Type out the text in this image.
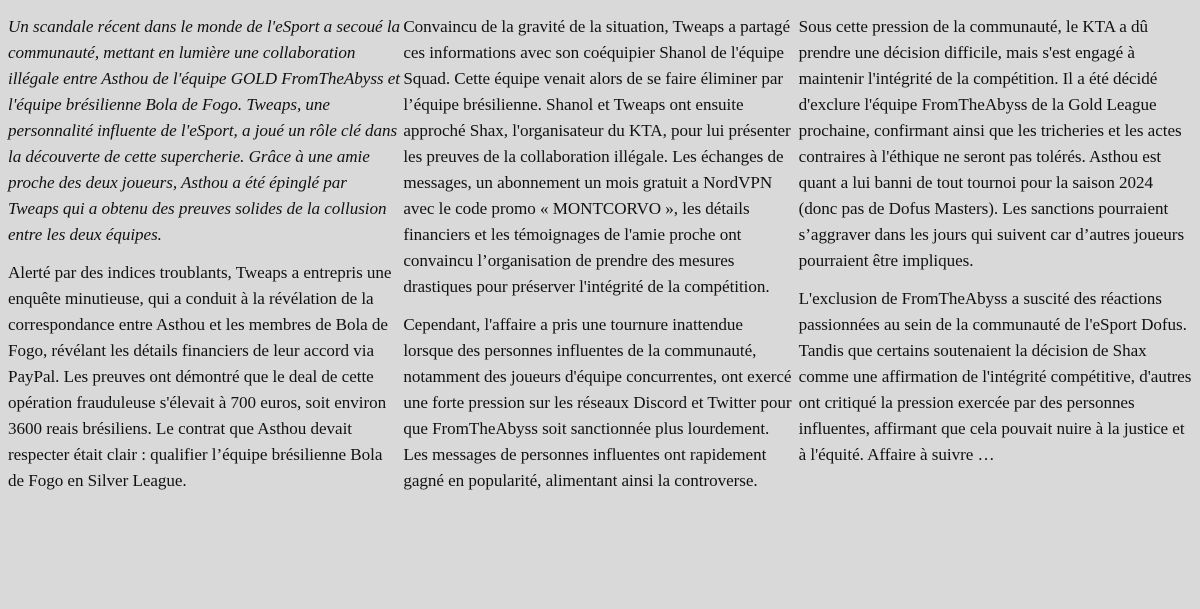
Un scandale récent dans le monde de l'eSport a secoué la communauté, mettant en lumière une collaboration illégale entre Asthou de l'équipe GOLD FromTheAbyss et l'équipe brésilienne Bola de Fogo. Tweaps, une personnalité influente de l'eSport, a joué un rôle clé dans la découverte de cette supercherie. Grâce à une amie proche des deux joueurs, Asthou a été épinglé par Tweaps qui a obtenu des preuves solides de la collusion entre les deux équipes.

Alerté par des indices troublants, Tweaps a entrepris une enquête minutieuse, qui a conduit à la révélation de la correspondance entre Asthou et les membres de Bola de Fogo, révélant les détails financiers de leur accord via PayPal. Les preuves ont démontré que le deal de cette opération frauduleuse s'élevait à 700 euros, soit environ 3600 reais brésiliens. Le contrat que Asthou devait respecter était clair : qualifier l’équipe brésilienne Bola de Fogo en Silver League.

Convaincu de la gravité de la situation, Tweaps a partagé ces informations avec son coéquipier Shanol de l'équipe Squad. Cette équipe venait alors de se faire éliminer par l’équipe brésilienne. Shanol et Tweaps ont ensuite approché Shax, l'organisateur du KTA, pour lui présenter les preuves de la collaboration illégale. Les échanges de messages, un abonnement un mois gratuit a NordVPN avec le code promo « MONTCORVO », les détails financiers et les témoignages de l'amie proche ont convaincu l’organisation de prendre des mesures drastiques pour préserver l'intégrité de la compétition.

Cependant, l'affaire a pris une tournure inattendue lorsque des personnes influentes de la communauté, notamment des joueurs d'équipe concurrentes, ont exercé une forte pression sur les réseaux Discord et Twitter pour que FromTheAbyss soit sanctionnée plus lourdement. Les messages de personnes influentes ont rapidement gagné en popularité, alimentant ainsi la controverse.

Sous cette pression de la communauté, le KTA a dû prendre une décision difficile, mais s'est engagé à maintenir l'intégrité de la compétition. Il a été décidé d'exclure l'équipe FromTheAbyss de la Gold League prochaine, confirmant ainsi que les tricheries et les actes contraires à l'éthique ne seront pas tolérés. Asthou est quant a lui banni de tout tournoi pour la saison 2024 (donc pas de Dofus Masters). Les sanctions pourraient s’aggraver dans les jours qui suivent car d’autres joueurs pourraient être impliques.

L'exclusion de FromTheAbyss a suscité des réactions passionnées au sein de la communauté de l'eSport Dofus. Tandis que certains soutenaient la décision de Shax comme une affirmation de l'intégrité compétitive, d'autres ont critiqué la pression exercée par des personnes influentes, affirmant que cela pouvait nuire à la justice et à l'équité. Affaire à suivre …
